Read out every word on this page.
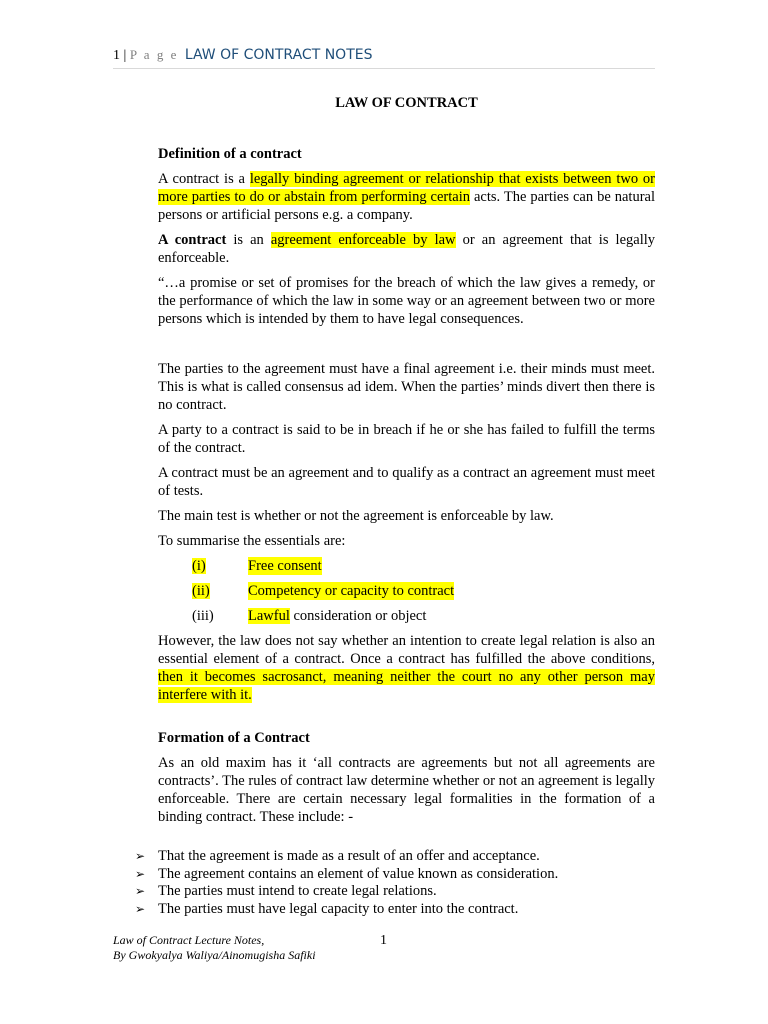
1 | P a g e LAW OF CONTRACT NOTES
LAW OF CONTRACT
Definition of a contract

A contract is a legally binding agreement or relationship that exists between two or more parties to do or abstain from performing certain acts. The parties can be natural persons or artificial persons e.g. a company.

A contract is an agreement enforceable by law or an agreement that is legally enforceable.

“…a promise or set of promises for the breach of which the law gives a remedy, or the performance of which the law in some way or an agreement between two or more persons which is intended by them to have legal consequences.

The parties to the agreement must have a final agreement i.e. their minds must meet. This is what is called consensus ad idem. When the parties’ minds divert then there is no contract.

A party to a contract is said to be in breach if he or she has failed to fulfill the terms of the contract.

A contract must be an agreement and to qualify as a contract an agreement must meet of tests.

The main test is whether or not the agreement is enforceable by law.

To summarise the essentials are:

(i)	Free consent
(ii)	Competency or capacity to contract
(iii)	Lawful consideration or object

However, the law does not say whether an intention to create legal relation is also an essential element of a contract. Once a contract has fulfilled the above conditions, then it becomes sacrosanct, meaning neither the court no any other person may interfere with it.

Formation of a Contract

As an old maxim has it ‘all contracts are agreements but not all agreements are contracts’. The rules of contract law determine whether or not an agreement is legally enforceable. There are certain necessary legal formalities in the formation of a binding contract. These include: -

➢ That the agreement is made as a result of an offer and acceptance.
➢ The agreement contains an element of value known as consideration.
➢ The parties must intend to create legal relations.
➢ The parties must have legal capacity to enter into the contract.
Law of Contract Lecture Notes,
By Gwokyalya Waliya/Ainomugisha Safiki
1
